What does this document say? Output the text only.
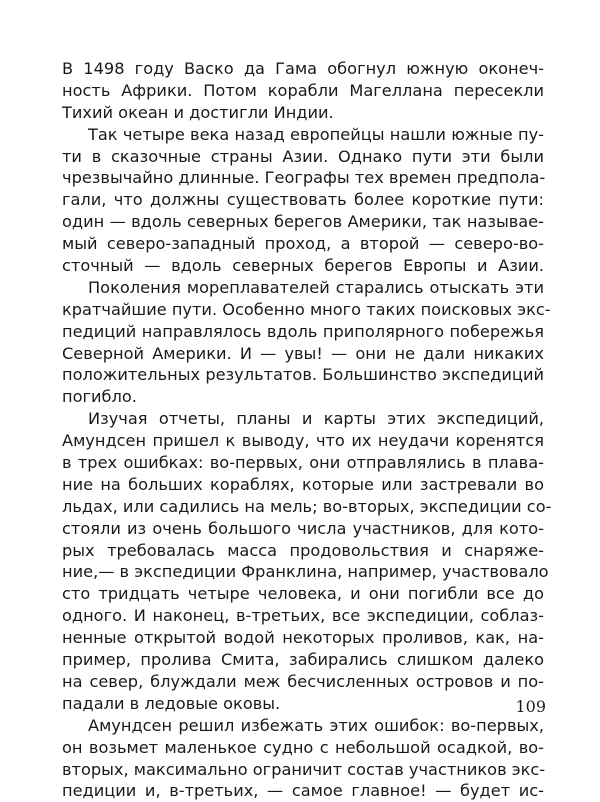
В 1498 году Васко да Гама обогнул южную оконеч-
ность Африки. Потом корабли Магеллана пересекли
Тихий океан и достигли Индии.
Так четыре века назад европейцы нашли южные пу-
ти в сказочные страны Азии. Однако пути эти были
чрезвычайно длинные. Географы тех времен предпола-
гали, что должны существовать более короткие пути:
один — вдоль северных берегов Америки, так называе-
мый северо-западный проход, а второй — северо-во-
сточный — вдоль северных берегов Европы и Азии.
Поколения мореплавателей старались отыскать эти
кратчайшие пути. Особенно много таких поисковых экс-
педиций направлялось вдоль приполярного побережья
Северной Америки. И — увы! — они не дали никаких
положительных результатов. Большинство экспедиций
погибло.
Изучая отчеты, планы и карты этих экспедиций,
Амундсен пришел к выводу, что их неудачи коренятся
в трех ошибках: во-первых, они отправлялись в плава-
ние на больших кораблях, которые или застревали во
льдах, или садились на мель; во-вторых, экспедиции со-
стояли из очень большого числа участников, для кото-
рых требовалась масса продовольствия и снаряже-
ние,— в экспедиции Франклина, например, участвовало
сто тридцать четыре человека, и они погибли все до
одного. И наконец, в-третьих, все экспедиции, соблаз-
ненные открытой водой некоторых проливов, как, на-
пример, пролива Смита, забирались слишком далеко
на север, блуждали меж бесчисленных островов и по-
падали в ледовые оковы.
Амундсен решил избежать этих ошибок: во-первых,
он возьмет маленькое судно с небольшой осадкой, во-
вторых, максимально ограничит состав участников экс-
педиции и, в-третьих, — самое главное! — будет ис-
109
